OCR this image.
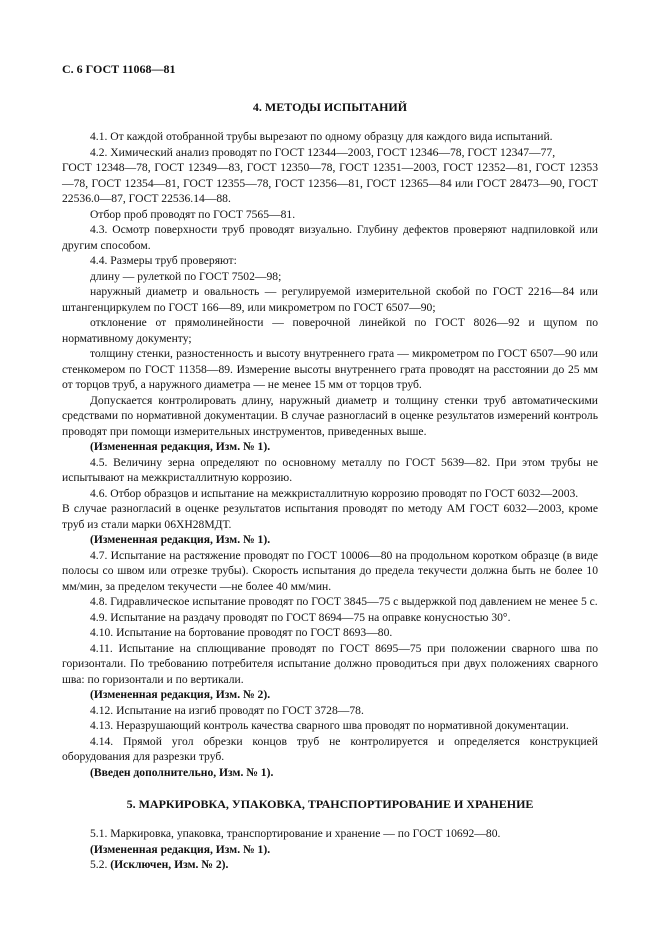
С. 6 ГОСТ 11068—81
4. МЕТОДЫ ИСПЫТАНИЙ

4.1. От каждой отобранной трубы вырезают по одному образцу для каждого вида испытаний.

4.2. Химический анализ проводят по ГОСТ 12344—2003, ГОСТ 12346—78, ГОСТ 12347—77,

ГОСТ 12348—78, ГОСТ 12349—83, ГОСТ 12350—78, ГОСТ 12351—2003, ГОСТ 12352—81, ГОСТ 12353—78, ГОСТ 12354—81, ГОСТ 12355—78, ГОСТ 12356—81, ГОСТ 12365—84 или ГОСТ 28473—90, ГОСТ 22536.0—87, ГОСТ 22536.14—88.

Отбор проб проводят по ГОСТ 7565—81.

4.3. Осмотр поверхности труб проводят визуально. Глубину дефектов проверяют надпиловкой или другим способом.

4.4. Размеры труб проверяют:

длину — рулеткой по ГОСТ 7502—98;

наружный диаметр и овальность — регулируемой измерительной скобой по ГОСТ 2216—84 или штангенциркулем по ГОСТ 166—89, или микрометром по ГОСТ 6507—90;

отклонение от прямолинейности — поверочной линейкой по ГОСТ 8026—92 и щупом по нормативному документу;

толщину стенки, разностенность и высоту внутреннего грата — микрометром по ГОСТ 6507—90 или стенкомером по ГОСТ 11358—89. Измерение высоты внутреннего грата проводят на расстоянии до 25 мм от торцов труб, а наружного диаметра — не менее 15 мм от торцов труб.

Допускается контролировать длину, наружный диаметр и толщину стенки труб автоматическими средствами по нормативной документации. В случае разногласий в оценке результатов измерений контроль проводят при помощи измерительных инструментов, приведенных выше.

(Измененная редакция, Изм. № 1).

4.5. Величину зерна определяют по основному металлу по ГОСТ 5639—82. При этом трубы не испытывают на межкристаллитную коррозию.

4.6. Отбор образцов и испытание на межкристаллитную коррозию проводят по ГОСТ 6032—2003.

В случае разногласий в оценке результатов испытания проводят по методу АМ ГОСТ 6032—2003, кроме труб из стали марки 06ХН28МДТ.

(Измененная редакция, Изм. № 1).

4.7. Испытание на растяжение проводят по ГОСТ 10006—80 на продольном коротком образце (в виде полосы со швом или отрезке трубы). Скорость испытания до предела текучести должна быть не более 10 мм/мин, за пределом текучести —не более 40 мм/мин.

4.8. Гидравлическое испытание проводят по ГОСТ 3845—75 с выдержкой под давлением не менее 5 с.

4.9. Испытание на раздачу проводят по ГОСТ 8694—75 на оправке конусностью 30°.

4.10. Испытание на бортование проводят по ГОСТ 8693—80.

4.11. Испытание на сплющивание проводят по ГОСТ 8695—75 при положении сварного шва по горизонтали. По требованию потребителя испытание должно проводиться при двух положениях сварного шва: по горизонтали и по вертикали.

(Измененная редакция, Изм. № 2).

4.12. Испытание на изгиб проводят по ГОСТ 3728—78.

4.13. Неразрушающий контроль качества сварного шва проводят по нормативной документации.

4.14. Прямой угол обрезки концов труб не контролируется и определяется конструкцией оборудования для разрезки труб.

(Введен дополнительно, Изм. № 1).

5. МАРКИРОВКА, УПАКОВКА, ТРАНСПОРТИРОВАНИЕ И ХРАНЕНИЕ

5.1. Маркировка, упаковка, транспортирование и хранение — по ГОСТ 10692—80.

(Измененная редакция, Изм. № 1).

5.2. (Исключен, Изм. № 2).
